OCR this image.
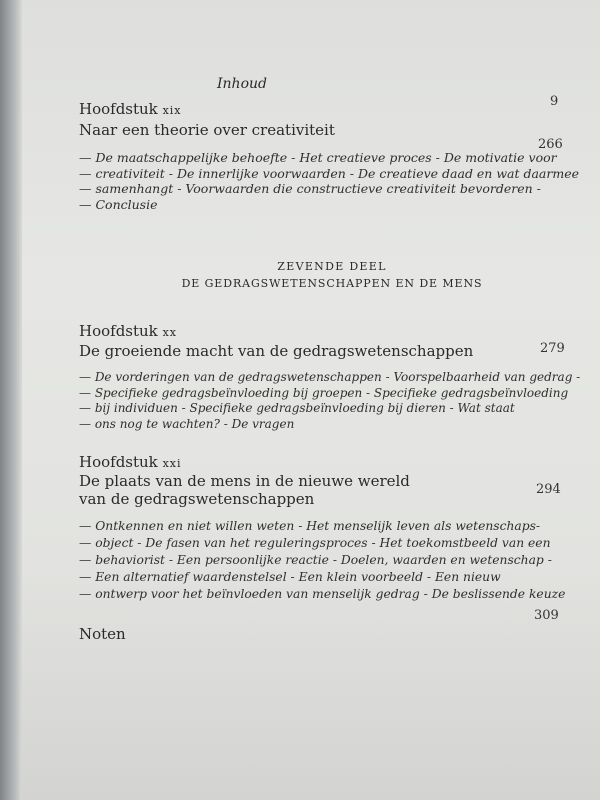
Inhoud
9
Hoofdstuk xix
Naar een theorie over creativiteit
266
— De maatschappelijke behoefte - Het creatieve proces - De motivatie voor
— creativiteit - De innerlijke voorwaarden - De creatieve daad en wat daarmee
— samenhangt - Voorwaarden die constructieve creativiteit bevorderen -
— Conclusie
ZEVENDE DEEL
DE GEDRAGSWETENSCHAPPEN EN DE MENS
Hoofdstuk xx
De groeiende macht van de gedragswetenschappen	279
— De vorderingen van de gedragswetenschappen - Voorspelbaarheid van gedrag -
— Specifieke gedragsbeïnvloeding bij groepen - Specifieke gedragsbeïnvloeding
— bij individuen - Specifieke gedragsbeïnvloeding bij dieren - Wat staat
— ons nog te wachten? - De vragen
Hoofdstuk xxi
De plaats van de mens in de nieuwe wereld
van de gedragswetenschappen
294
— Ontkennen en niet willen weten - Het menselijk leven als wetenschaps-
— object - De fasen van het reguleringsproces - Het toekomstbeeld van een
— behaviorist - Een persoonlijke reactie - Doelen, waarden en wetenschap -
— Een alternatief waardenstelsel - Een klein voorbeeld - Een nieuw
— ontwerp voor het beïnvloeden van menselijk gedrag - De beslissende keuze
309
Noten
